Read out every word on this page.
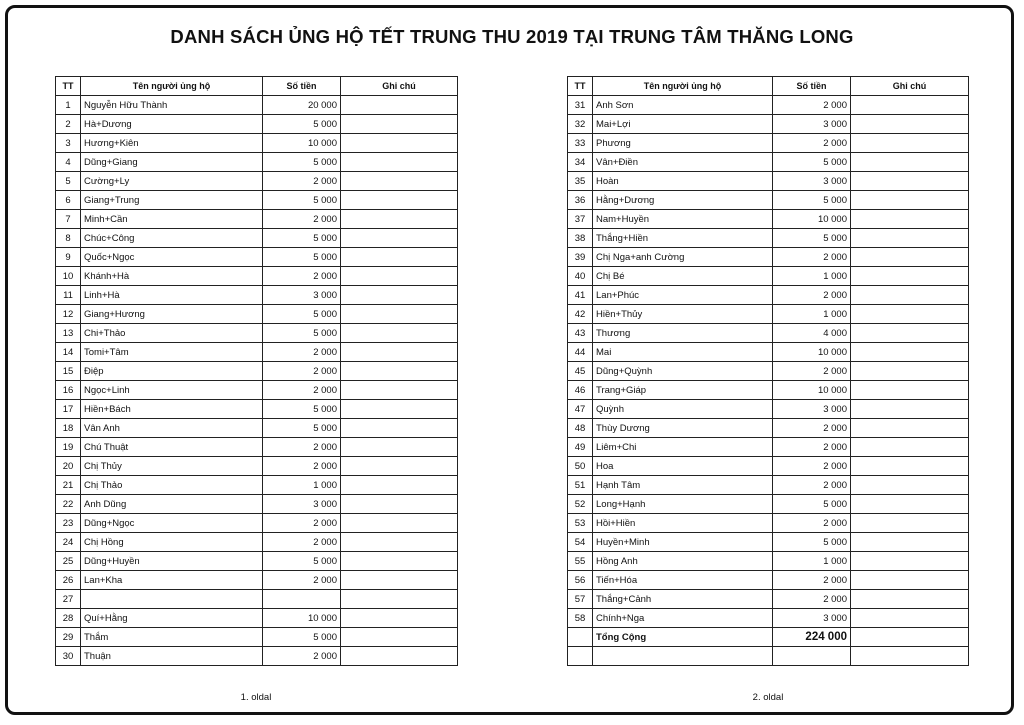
DANH SÁCH ỦNG HỘ TẾT TRUNG THU 2019 TẠI TRUNG TÂM THĂNG LONG
TT	Tên người ủng hộ	Số tiền	Ghi chú
1	Nguyễn Hữu Thành	20 000	
2	Hà+Dương	5 000	
3	Hương+Kiên	10 000	
4	Dũng+Giang	5 000	
5	Cường+Ly	2 000	
6	Giang+Trung	5 000	
7	Minh+Cần	2 000	
8	Chúc+Công	5 000	
9	Quốc+Ngọc	5 000	
10	Khánh+Hà	2 000	
11	Linh+Hà	3 000	
12	Giang+Hương	5 000	
13	Chi+Thảo	5 000	
14	Tomi+Tâm	2 000	
15	Điệp	2 000	
16	Ngọc+Linh	2 000	
17	Hiền+Bách	5 000	
18	Vân Anh	5 000	
19	Chú Thuật	2 000	
20	Chị Thủy	2 000	
21	Chị Thảo	1 000	
22	Anh Dũng	3 000	
23	Dũng+Ngọc	2 000	
24	Chị Hồng	2 000	
25	Dũng+Huyền	5 000	
26	Lan+Kha	2 000	
27			
28	Quí+Hằng	10 000	
29	Thắm	5 000	
30	Thuận	2 000	
TT	Tên người ủng hộ	Số tiền	Ghi chú
31	Anh Sơn	2 000	
32	Mai+Lợi	3 000	
33	Phương	2 000	
34	Vân+Điền	5 000	
35	Hoàn	3 000	
36	Hằng+Dương	5 000	
37	Nam+Huyền	10 000	
38	Thắng+Hiền	5 000	
39	Chị Nga+anh Cường	2 000	
40	Chị Bé	1 000	
41	Lan+Phúc	2 000	
42	Hiền+Thủy	1 000	
43	Thương	4 000	
44	Mai	10 000	
45	Dũng+Quỳnh	2 000	
46	Trang+Giáp	10 000	
47	Quỳnh	3 000	
48	Thùy Dương	2 000	
49	Liêm+Chi	2 000	
50	Hoa	2 000	
51	Hạnh Tâm	2 000	
52	Long+Hạnh	5 000	
53	Hồi+Hiền	2 000	
54	Huyền+Minh	5 000	
55	Hồng Anh	1 000	
56	Tiến+Hóa	2 000	
57	Thắng+Cảnh	2 000	
58	Chính+Nga	3 000	
	Tổng Cộng	224 000	

1. oldal	2. oldal
